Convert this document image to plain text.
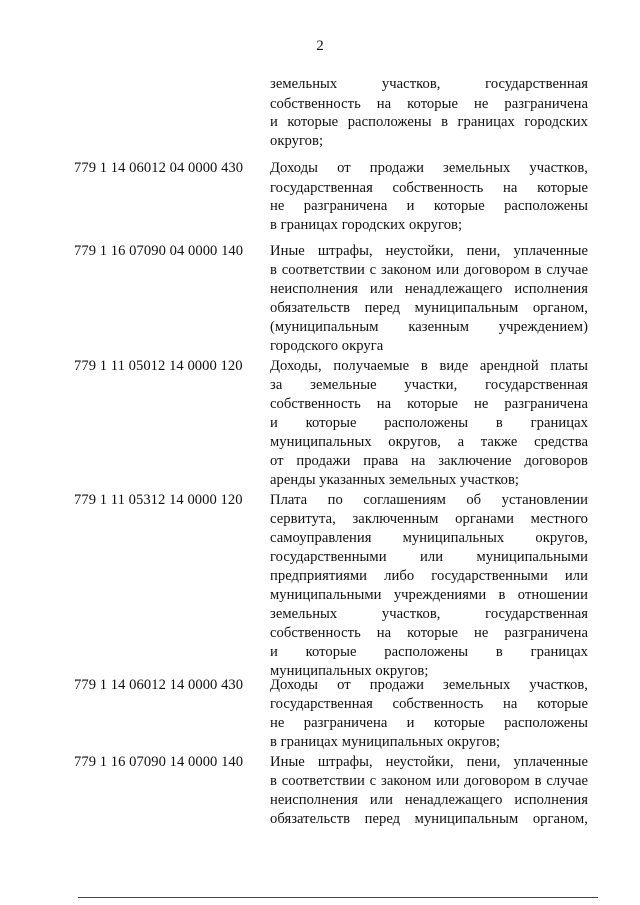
2
земельных участков, государственная
собственность на которые не разграничена
и которые расположены в границах городских
округов;
779 1 14 06012 04 0000 430	Доходы от продажи земельных участков,
государственная собственность на которые
не разграничена и которые расположены
в границах городских округов;
779 1 16 07090 04 0000 140	Иные штрафы, неустойки, пени, уплаченные
в соответствии с законом или договором в случае
неисполнения или ненадлежащего исполнения
обязательств перед муниципальным органом,
(муниципальным казенным учреждением)
городского округа
779 1 11 05012 14 0000 120	Доходы, получаемые в виде арендной платы
за земельные участки, государственная
собственность на которые не разграничена
и которые расположены в границах
муниципальных округов, а также средства
от продажи права на заключение договоров
аренды указанных земельных участков;
779 1 11 05312 14 0000 120	Плата по соглашениям об установлении
сервитута, заключенным органами местного
самоуправления муниципальных округов,
государственными или муниципальными
предприятиями либо государственными или
муниципальными учреждениями в отношении
земельных участков, государственная
собственность на которые не разграничена
и которые расположены в границах
муниципальных округов;
779 1 14 06012 14 0000 430	Доходы от продажи земельных участков,
государственная собственность на которые
не разграничена и которые расположены
в границах муниципальных округов;
779 1 16 07090 14 0000 140	Иные штрафы, неустойки, пени, уплаченные
в соответствии с законом или договором в случае
неисполнения или ненадлежащего исполнения
обязательств перед муниципальным органом,
